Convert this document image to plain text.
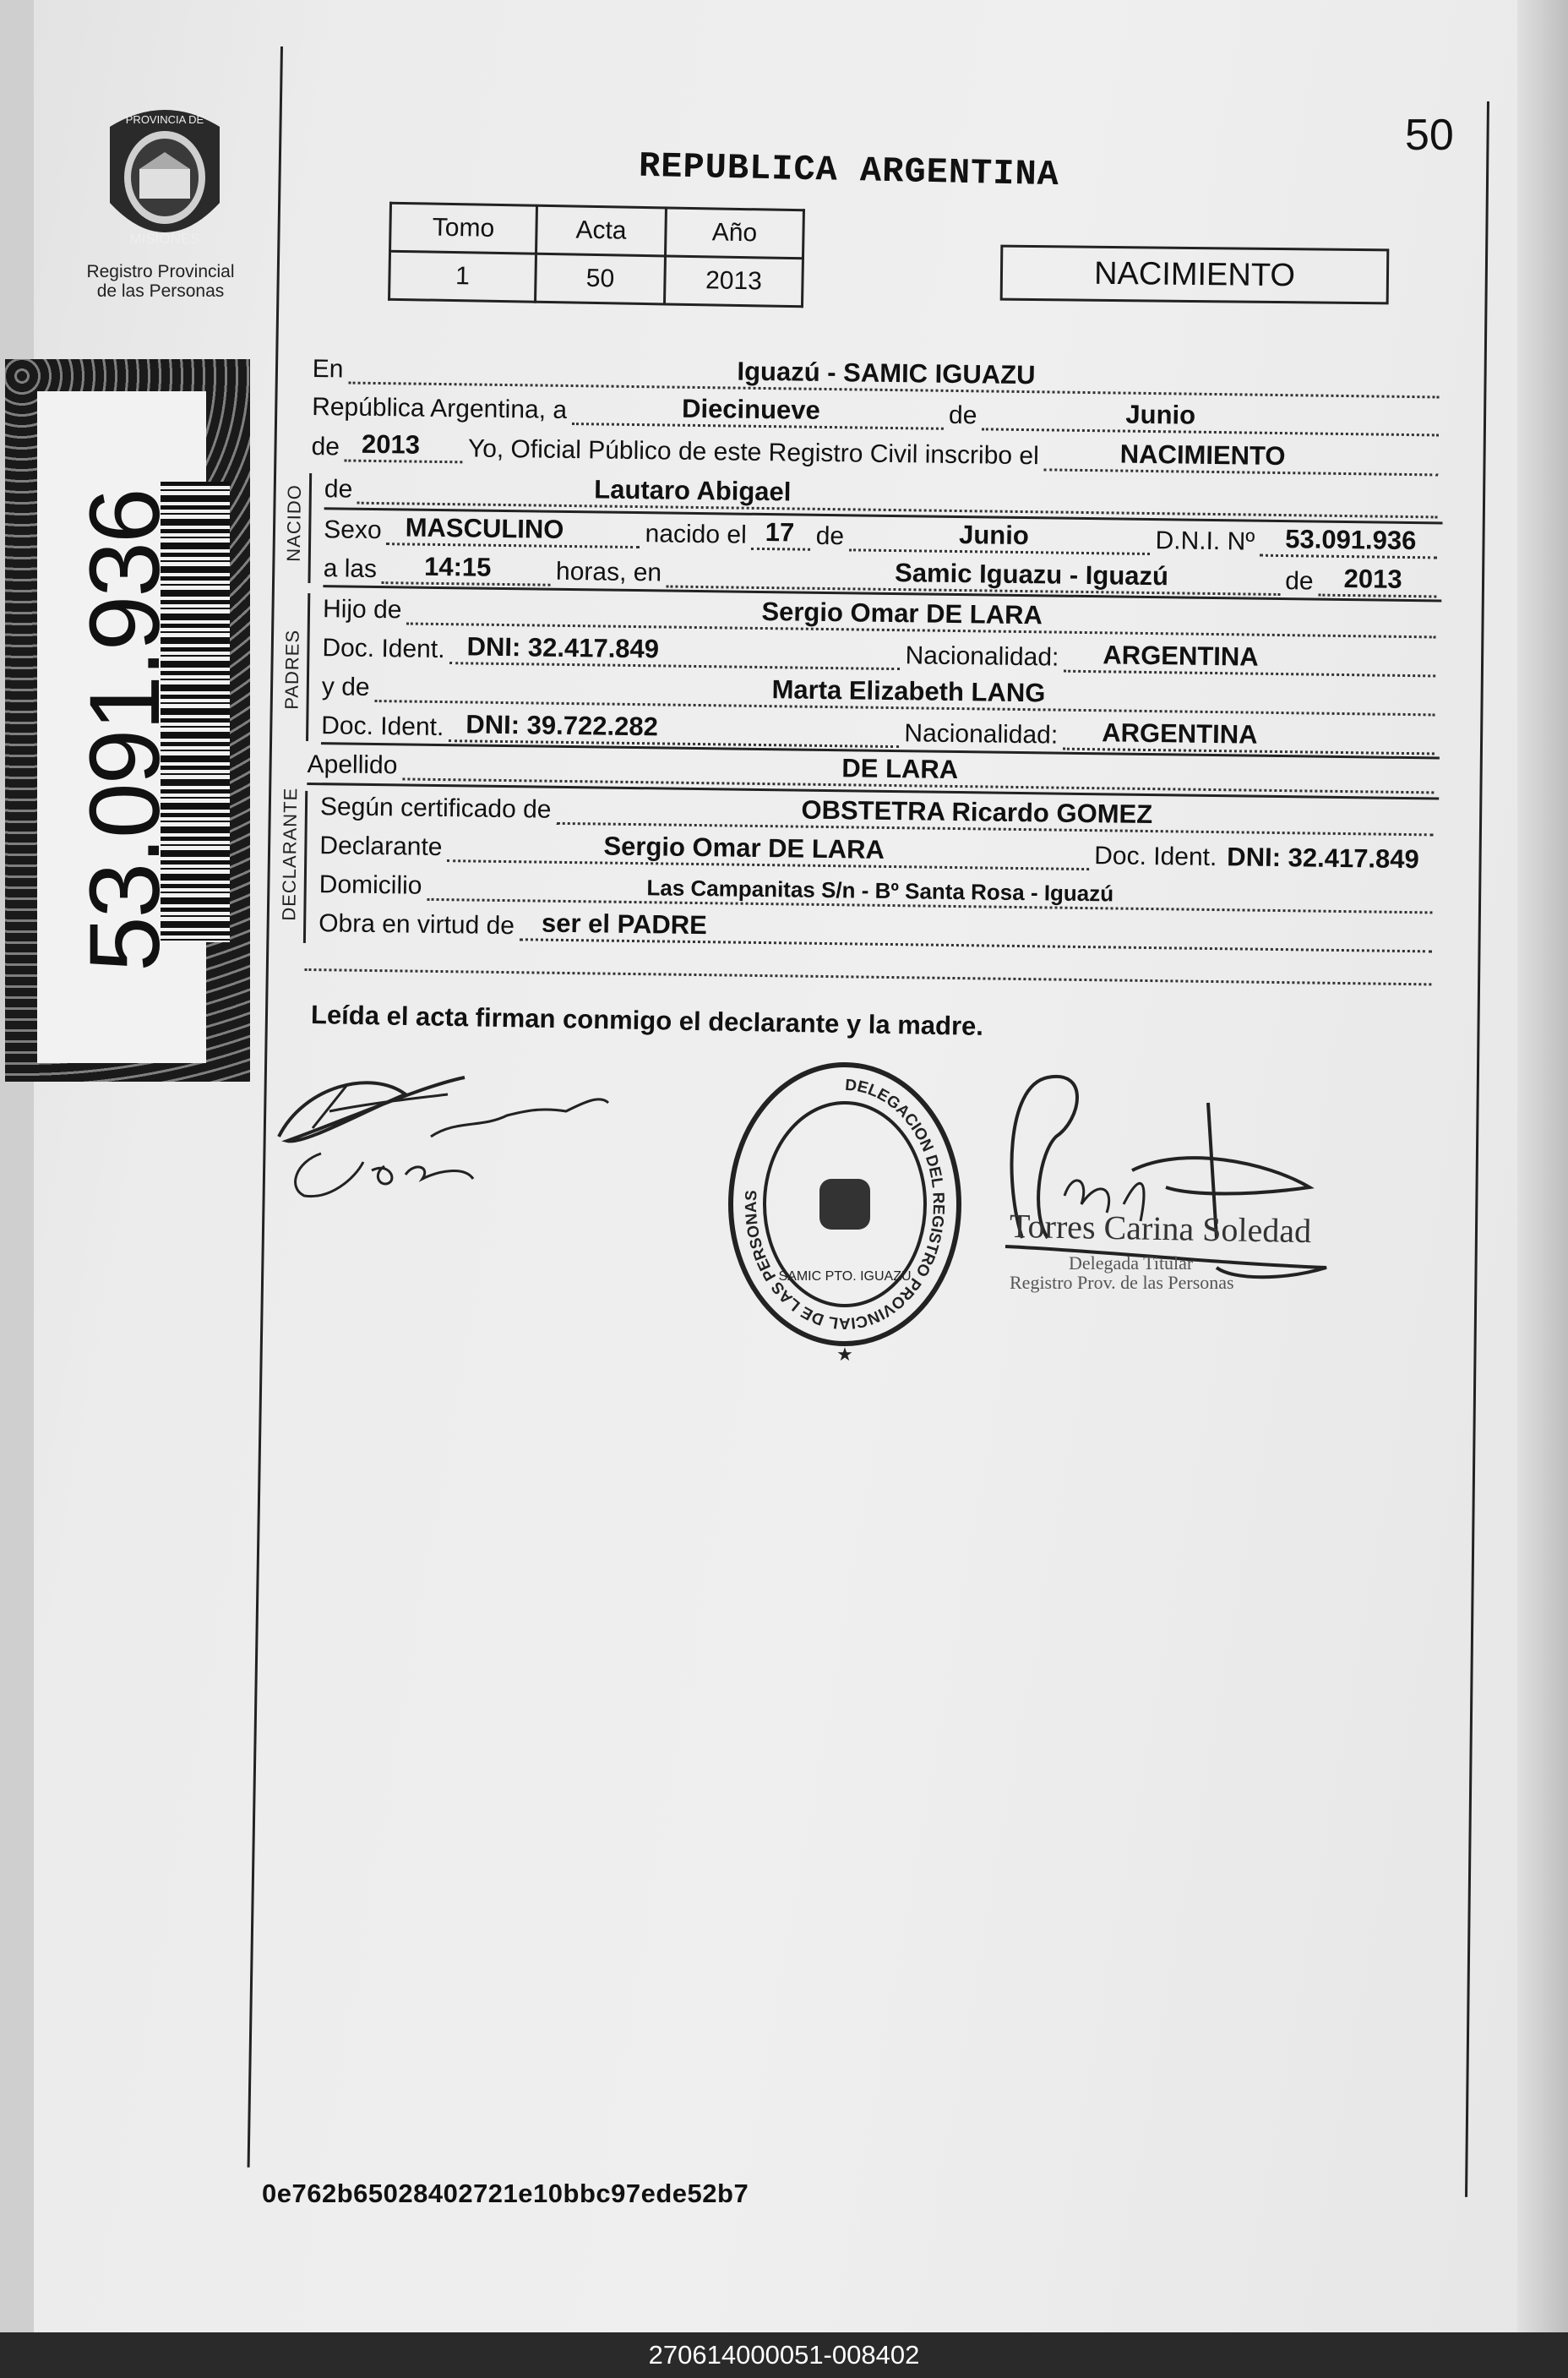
PROVINCIA DE
MISIONES
Registro Provincial
de las Personas
53.091.936
REPUBLICA ARGENTINA
50
Tomo	Acta	Año
1	50	2013	NACIMIENTO
En	Iguazú - SAMIC IGUAZU
República Argentina, a	Diecinueve	de	Junio
de 2013 Yo, Oficial Público de este Registro Civil inscribo el	NACIMIENTO
NACIDO de	Lautaro Abigael
Sexo MASCULINO	nacido el 17 de	Junio	D.N.I. Nº 53.091.936
a las 14:15	horas, en	Samic Iguazu - Iguazú	de 2013
PADRES
Hijo de	Sergio Omar DE LARA
Doc. Ident. DNI: 32.417.849	Nacionalidad: ARGENTINA
y de	Marta Elizabeth LANG
Doc. Ident. DNI: 39.722.282	Nacionalidad: ARGENTINA
Apellido	DE LARA
DECLARANTE Según certificado de	OBSTETRA Ricardo GOMEZ
Declarante	Sergio Omar DE LARA	Doc. Ident. DNI: 32.417.849
Domicilio	Las Campanitas S/n - Bº Santa Rosa - Iguazú
Obra en virtud de ser el PADRE
Leída el acta firman conmigo el declarante y la madre.
DELEGACION DEL REGISTRO PROVINCIAL DE LAS PERSONAS
SAMIC PTO. IGUAZU
★
Torres Carina Soledad
Delegada Titular
Registro Prov. de las Personas
0e762b65028402721e10bbc97ede52b7
270614000051-008402
